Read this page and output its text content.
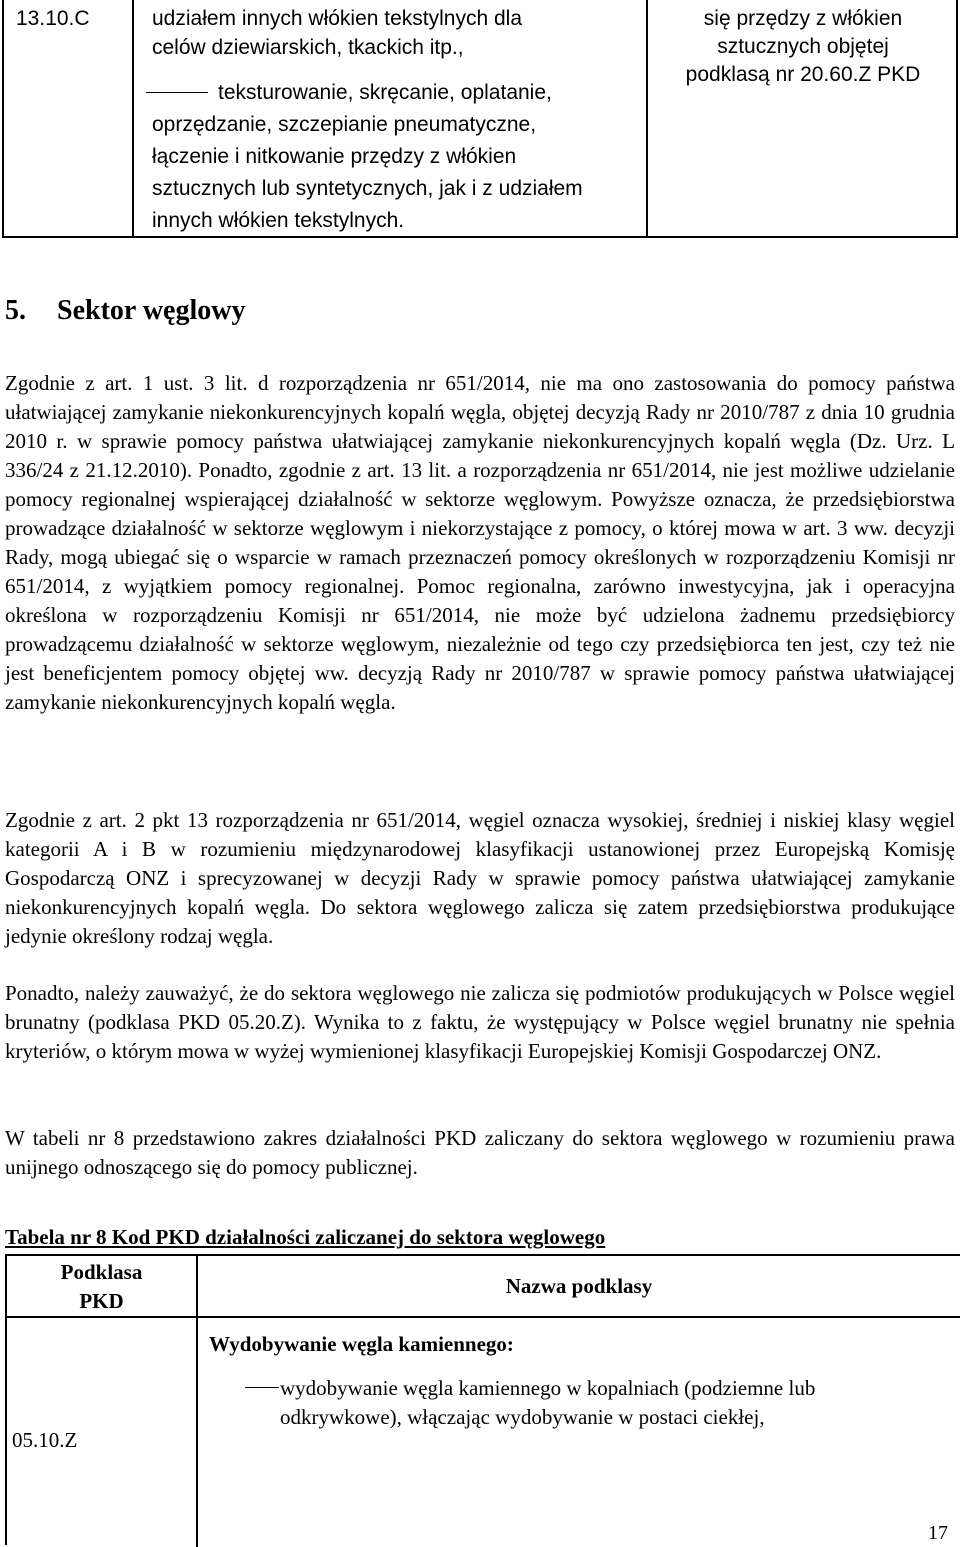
13.10.C	udziałem innych włókien tekstylnych dla
celów dziewiarskich, tkackich itp.,
teksturowanie, skręcanie, oplatanie,
oprzędzanie, szczepianie pneumatyczne,
łączenie i nitkowanie przędzy z włókien
sztucznych lub syntetycznych, jak i z udziałem
innych włókien tekstylnych.
się przędzy z włókien
sztucznych objętej
podklasą nr 20.60.Z PKD
5. Sektor węglowy

Zgodnie z art. 1 ust. 3 lit. d rozporządzenia nr 651/2014, nie ma ono zastosowania do pomocy państwa ułatwiającej zamykanie niekonkurencyjnych kopalń węgla, objętej decyzją Rady nr 2010/787 z dnia 10 grudnia 2010 r. w sprawie pomocy państwa ułatwiającej zamykanie niekonkurencyjnych kopalń węgla (Dz. Urz. L 336/24 z 21.12.2010). Ponadto, zgodnie z art. 13 lit. a rozporządzenia nr 651/2014, nie jest możliwe udzielanie pomocy regionalnej wspierającej działalność w sektorze węglowym. Powyższe oznacza, że przedsiębiorstwa prowadzące działalność w sektorze węglowym i niekorzystające z pomocy, o której mowa w art. 3 ww. decyzji Rady, mogą ubiegać się o wsparcie w ramach przeznaczeń pomocy określonych w rozporządzeniu Komisji nr 651/2014, z wyjątkiem pomocy regionalnej. Pomoc regionalna, zarówno inwestycyjna, jak i operacyjna określona w rozporządzeniu Komisji nr 651/2014, nie może być udzielona żadnemu przedsiębiorcy prowadzącemu działalność w sektorze węglowym, niezależnie od tego czy przedsiębiorca ten jest, czy też nie jest beneficjentem pomocy objętej ww. decyzją Rady nr 2010/787 w sprawie pomocy państwa ułatwiającej zamykanie niekonkurencyjnych kopalń węgla.

Zgodnie z art. 2 pkt 13 rozporządzenia nr 651/2014, węgiel oznacza wysokiej, średniej i niskiej klasy węgiel kategorii A i B w rozumieniu międzynarodowej klasyfikacji ustanowionej przez Europejską Komisję Gospodarczą ONZ i sprecyzowanej w decyzji Rady w sprawie pomocy państwa ułatwiającej zamykanie niekonkurencyjnych kopalń węgla. Do sektora węglowego zalicza się zatem przedsiębiorstwa produkujące jedynie określony rodzaj węgla.

Ponadto, należy zauważyć, że do sektora węglowego nie zalicza się podmiotów produkujących w Polsce węgiel brunatny (podklasa PKD 05.20.Z). Wynika to z faktu, że występujący w Polsce węgiel brunatny nie spełnia kryteriów, o którym mowa w wyżej wymienionej klasyfikacji Europejskiej Komisji Gospodarczej ONZ.

W tabeli nr 8 przedstawiono zakres działalności PKD zaliczany do sektora węglowego w rozumieniu prawa unijnego odnoszącego się do pomocy publicznej.

Tabela nr 8 Kod PKD działalności zaliczanej do sektora węglowego
Podklasa
PKD
Nazwa podklasy
05.10.Z
Wydobywanie węgla kamiennego:
wydobywanie węgla kamiennego w kopalniach (podziemne lub
odkrywkowe), włączając wydobywanie w postaci ciekłej,
17
